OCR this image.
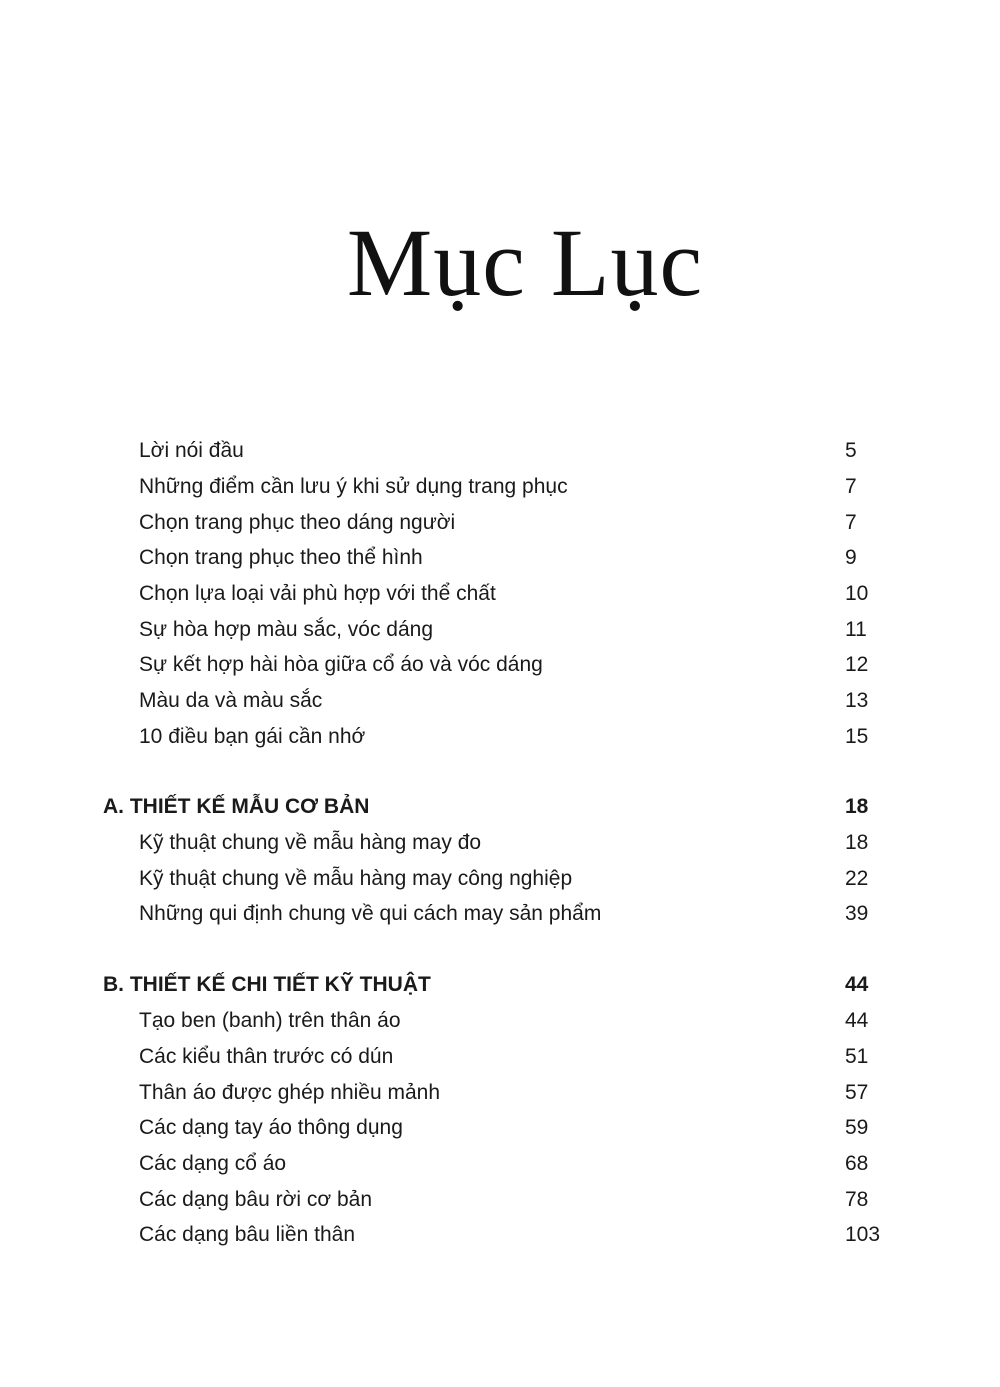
Mục Lục
Lời nói đầu	5
Những điểm cần lưu ý khi sử dụng trang phục	7
Chọn trang phục theo dáng người	7
Chọn trang phục theo thể hình	9
Chọn lựa loại vải phù hợp với thể chất	10
Sự hòa hợp màu sắc, vóc dáng	11
Sự kết hợp hài hòa giữa cổ áo và vóc dáng	12
Màu da và màu sắc	13
10 điều bạn gái cần nhớ	15
A. THIẾT KẾ MẪU CƠ BẢN	18
Kỹ thuật chung về mẫu hàng may đo	18
Kỹ thuật chung về mẫu hàng may công nghiệp	22
Những qui định chung về qui cách may sản phẩm	39
B. THIẾT KẾ CHI TIẾT KỸ THUẬT	44
Tạo ben (banh) trên thân áo	44
Các kiểu thân trước có dún	51
Thân áo được ghép nhiều mảnh	57
Các dạng tay áo thông dụng	59
Các dạng cổ áo	68
Các dạng bâu rời cơ bản	78
Các dạng bâu liền thân	103
